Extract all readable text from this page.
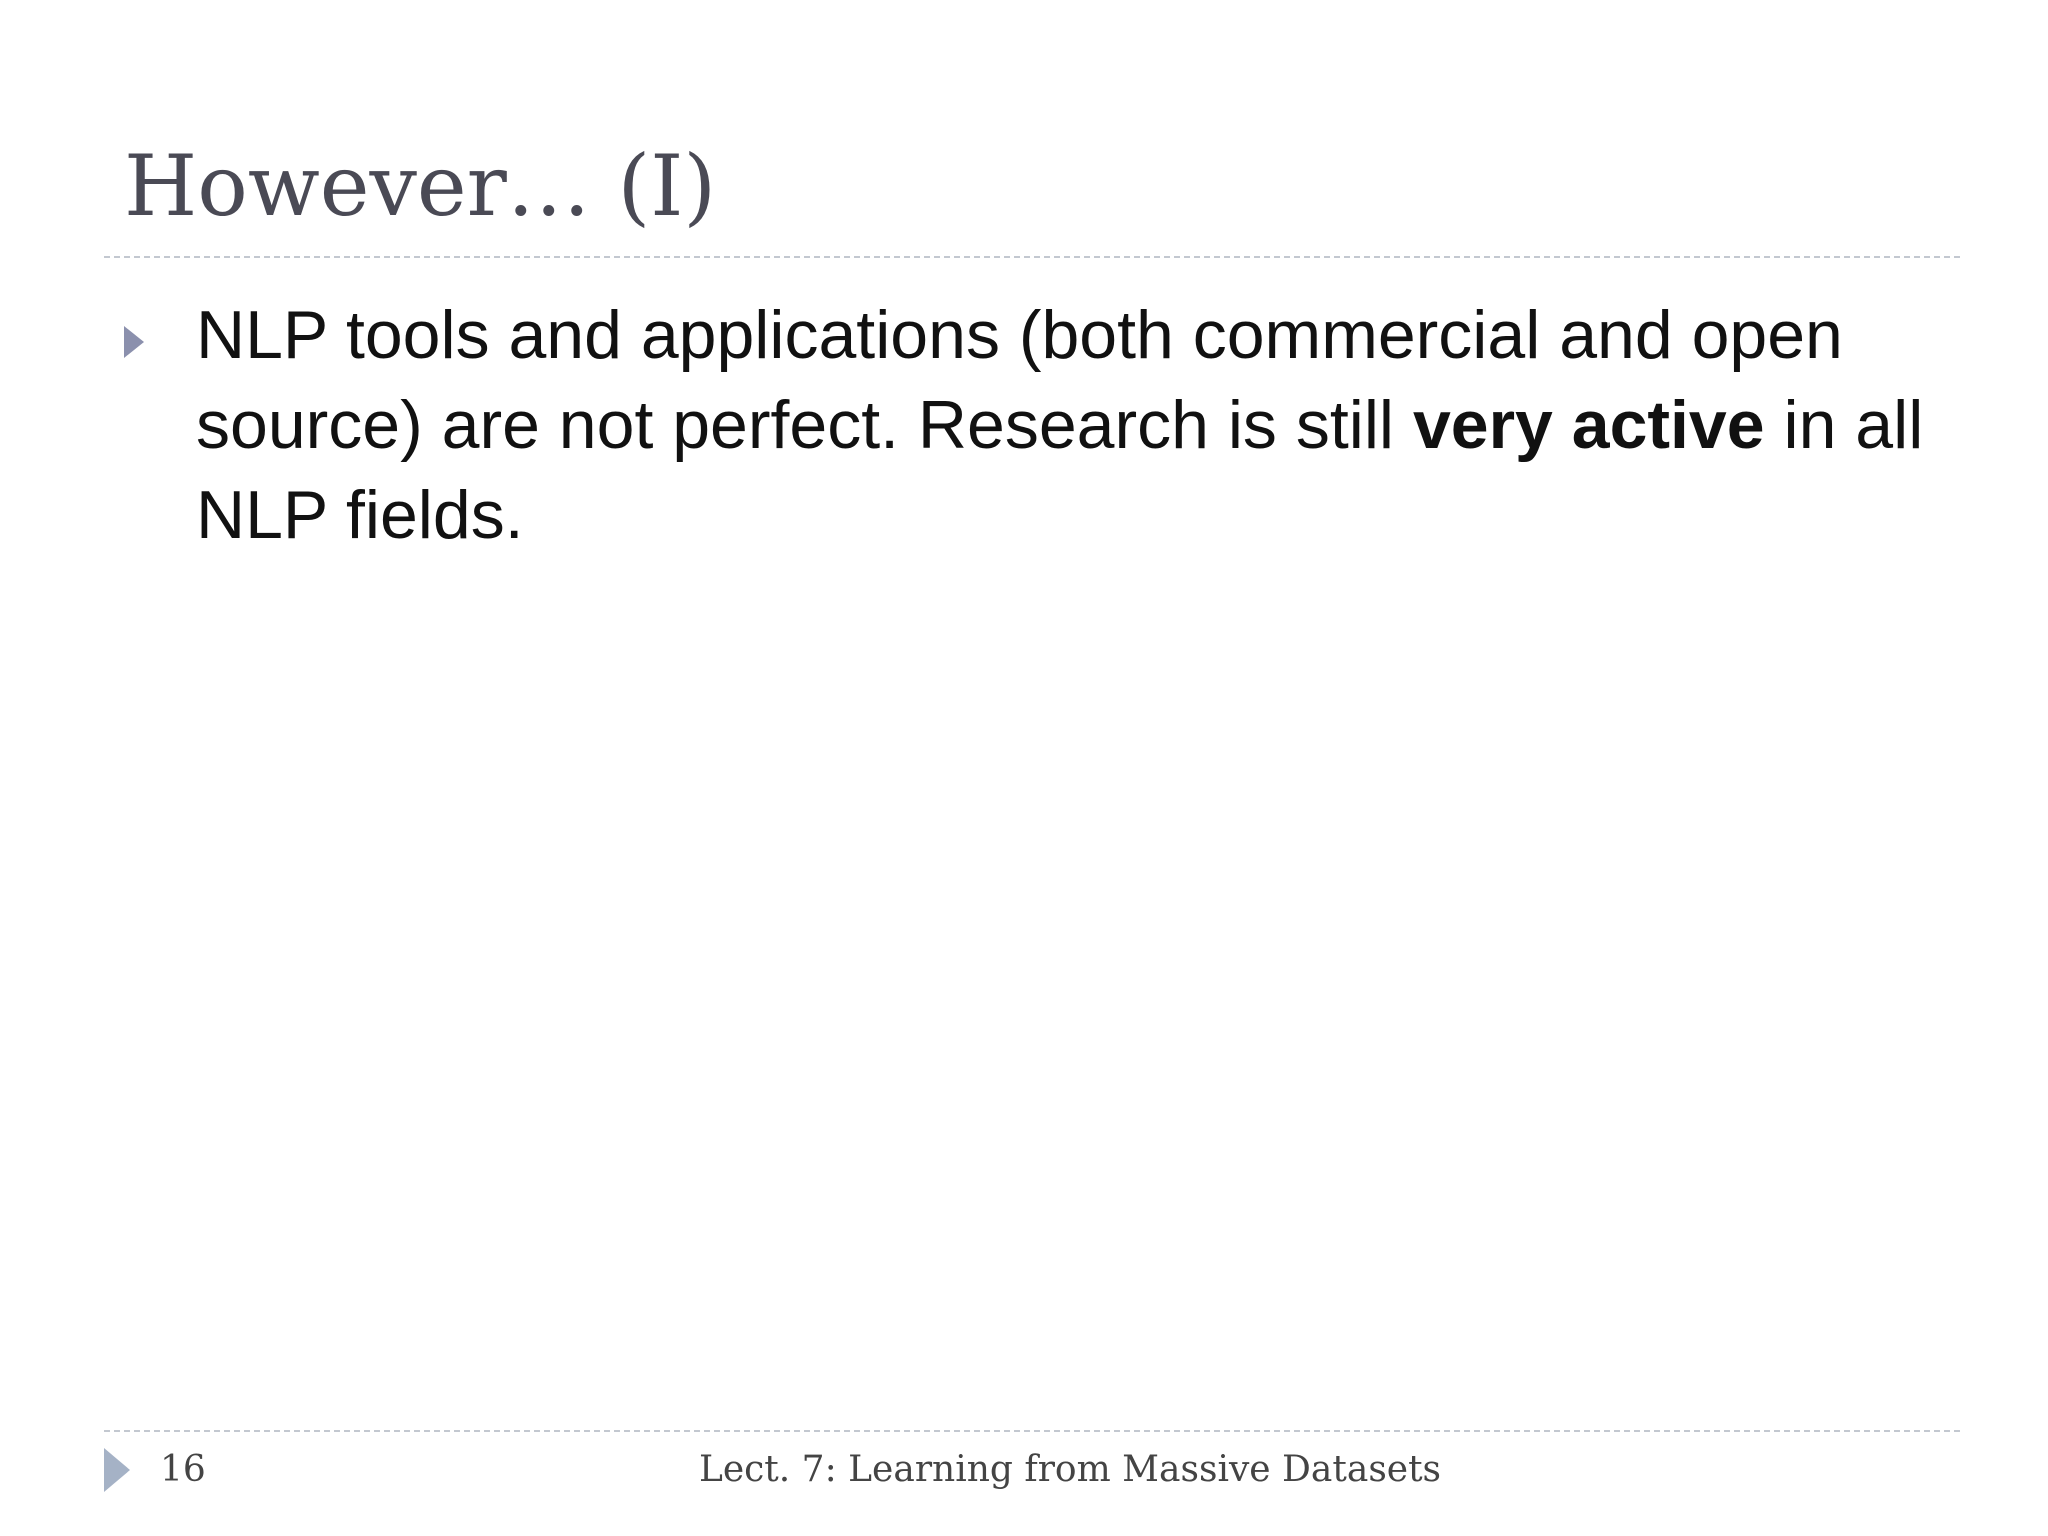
However… (I)
NLP tools and applications (both commercial and open source) are not perfect. Research is still very active in all NLP fields.
16	Lect. 7: Learning from Massive Datasets
